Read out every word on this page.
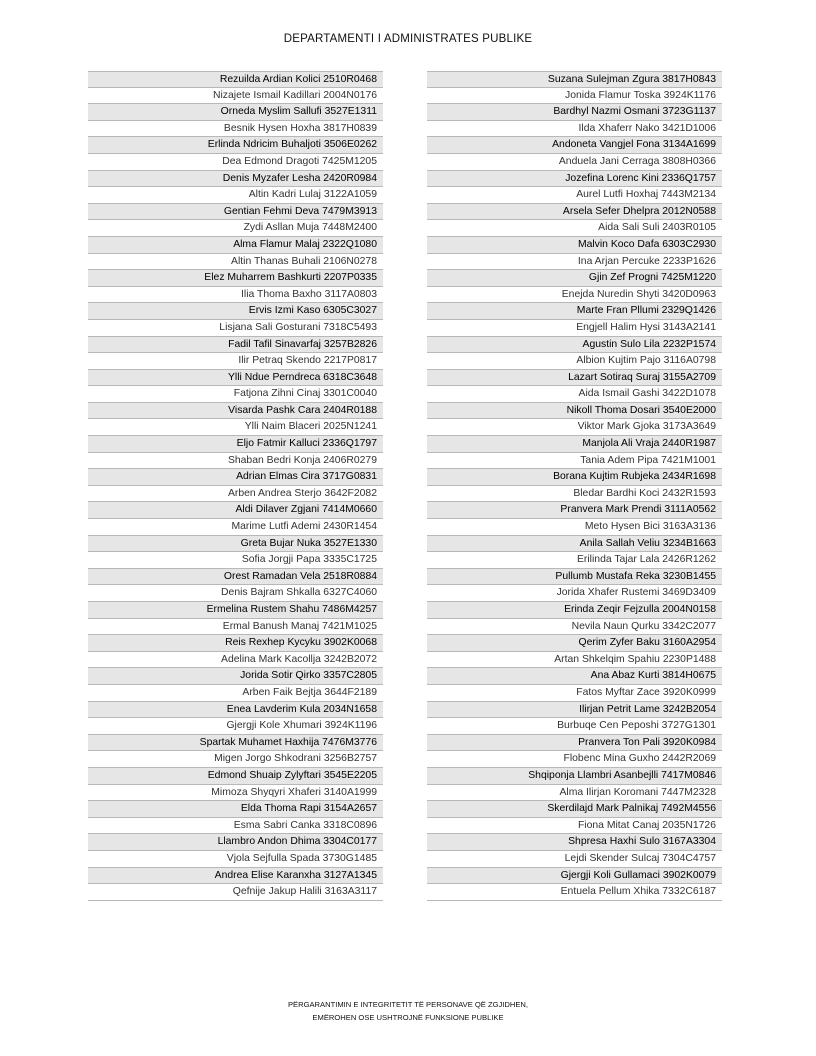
DEPARTAMENTI I ADMINISTRATES PUBLIKE
Rezuilda Ardian Kolici 2510R0468
Nizajete Ismail Kadillari 2004N0176
Orneda Myslim Sallufi 3527E1311
Besnik Hysen Hoxha 3817H0839
Erlinda Ndricim Buhaljoti 3506E0262
Dea Edmond Dragoti 7425M1205
Denis Myzafer Lesha 2420R0984
Altin Kadri Lulaj 3122A1059
Gentian Fehmi Deva 7479M3913
Zydi Asllan Muja 7448M2400
Alma Flamur Malaj 2322Q1080
Altin Thanas Buhali 2106N0278
Elez Muharrem Bashkurti 2207P0335
Ilia Thoma Baxho 3117A0803
Ervis Izmi Kaso 6305C3027
Lisjana Sali Gosturani 7318C5493
Fadil Tafil Sinavarfaj 3257B2826
Ilir Petraq Skendo 2217P0817
Ylli Ndue Perndreca 6318C3648
Fatjona Zihni Cinaj 3301C0040
Visarda Pashk Cara 2404R0188
Ylli Naim Blaceri 2025N1241
Eljo Fatmir Kalluci 2336Q1797
Shaban Bedri Konja 2406R0279
Adrian Elmas Cira 3717G0831
Arben Andrea Sterjo 3642F2082
Aldi Dilaver Zgjani 7414M0660
Marime Lutfi Ademi 2430R1454
Greta Bujar Nuka 3527E1330
Sofia Jorgji Papa 3335C1725
Orest Ramadan Vela 2518R0884
Denis Bajram Shkalla 6327C4060
Ermelina Rustem Shahu 7486M4257
Ermal Banush Manaj 7421M1025
Reis Rexhep Kycyku 3902K0068
Adelina Mark Kacollja 3242B2072
Jorida Sotir Qirko 3357C2805
Arben Faik Bejtja 3644F2189
Enea Lavderim Kula 2034N1658
Gjergji Kole Xhumari 3924K1196
Spartak Muhamet Haxhija 7476M3776
Migen Jorgo Shkodrani 3256B2757
Edmond Shuaip Zylyftari 3545E2205
Mimoza Shyqyri Xhaferi 3140A1999
Elda Thoma Rapi 3154A2657
Esma Sabri Canka 3318C0896
Llambro Andon Dhima 3304C0177
Vjola Sejfulla Spada 3730G1485
Andrea Elise Karanxha 3127A1345
Qefnije Jakup Halili 3163A3117
Suzana Sulejman Zgura 3817H0843
Jonida Flamur Toska 3924K1176
Bardhyl Nazmi Osmani 3723G1137
Ilda Xhaferr Nako 3421D1006
Andoneta Vangjel Fona 3134A1699
Anduela Jani Cerraga 3808H0366
Jozefina Lorenc Kini 2336Q1757
Aurel Lutfi Hoxhaj 7443M2134
Arsela Sefer Dhelpra 2012N0588
Aida Sali Suli 2403R0105
Malvin Koco Dafa 6303C2930
Ina Arjan Percuke 2233P1626
Gjin Zef Progni 7425M1220
Enejda Nuredin Shyti 3420D0963
Marte Fran Pllumi 2329Q1426
Engjell Halim Hysi 3143A2141
Agustin Sulo Lila 2232P1574
Albion Kujtim Pajo 3116A0798
Lazart Sotiraq Suraj 3155A2709
Aida Ismail Gashi 3422D1078
Nikoll Thoma Dosari 3540E2000
Viktor Mark Gjoka 3173A3649
Manjola Ali Vraja 2440R1987
Tania Adem Pipa 7421M1001
Borana Kujtim Rubjeka 2434R1698
Bledar Bardhi Koci 2432R1593
Pranvera Mark Prendi 3111A0562
Meto Hysen Bici 3163A3136
Anila Sallah Veliu 3234B1663
Erilinda Tajar Lala 2426R1262
Pullumb Mustafa Reka 3230B1455
Jorida Xhafer Rustemi 3469D3409
Erinda Zeqir Fejzulla 2004N0158
Nevila Naun Qurku 3342C2077
Qerim Zyfer Baku 3160A2954
Artan Shkelqim Spahiu 2230P1488
Ana Abaz Kurti 3814H0675
Fatos Myftar Zace 3920K0999
Ilirjan Petrit Lame 3242B2054
Burbuqe Cen Peposhi 3727G1301
Pranvera Ton Pali 3920K0984
Flobenc Mina Guxho 2442R2069
Shqiponja Llambri Asanbejlli 7417M0846
Alma Ilirjan Koromani 7447M2328
Skerdilajd Mark Palnikaj 7492M4556
Fiona Mitat Canaj 2035N1726
Shpresa Haxhi Sulo 3167A3304
Lejdi Skender Sulcaj 7304C4757
Gjergji Koli Gullamaci 3902K0079
Entuela Pellum Xhika 7332C6187
PËRGARANTIMIN E INTEGRITETIT TË PERSONAVE QË ZGJIDHEN,
EMËROHEN OSE USHTROJNË FUNKSIONE PUBLIKE
